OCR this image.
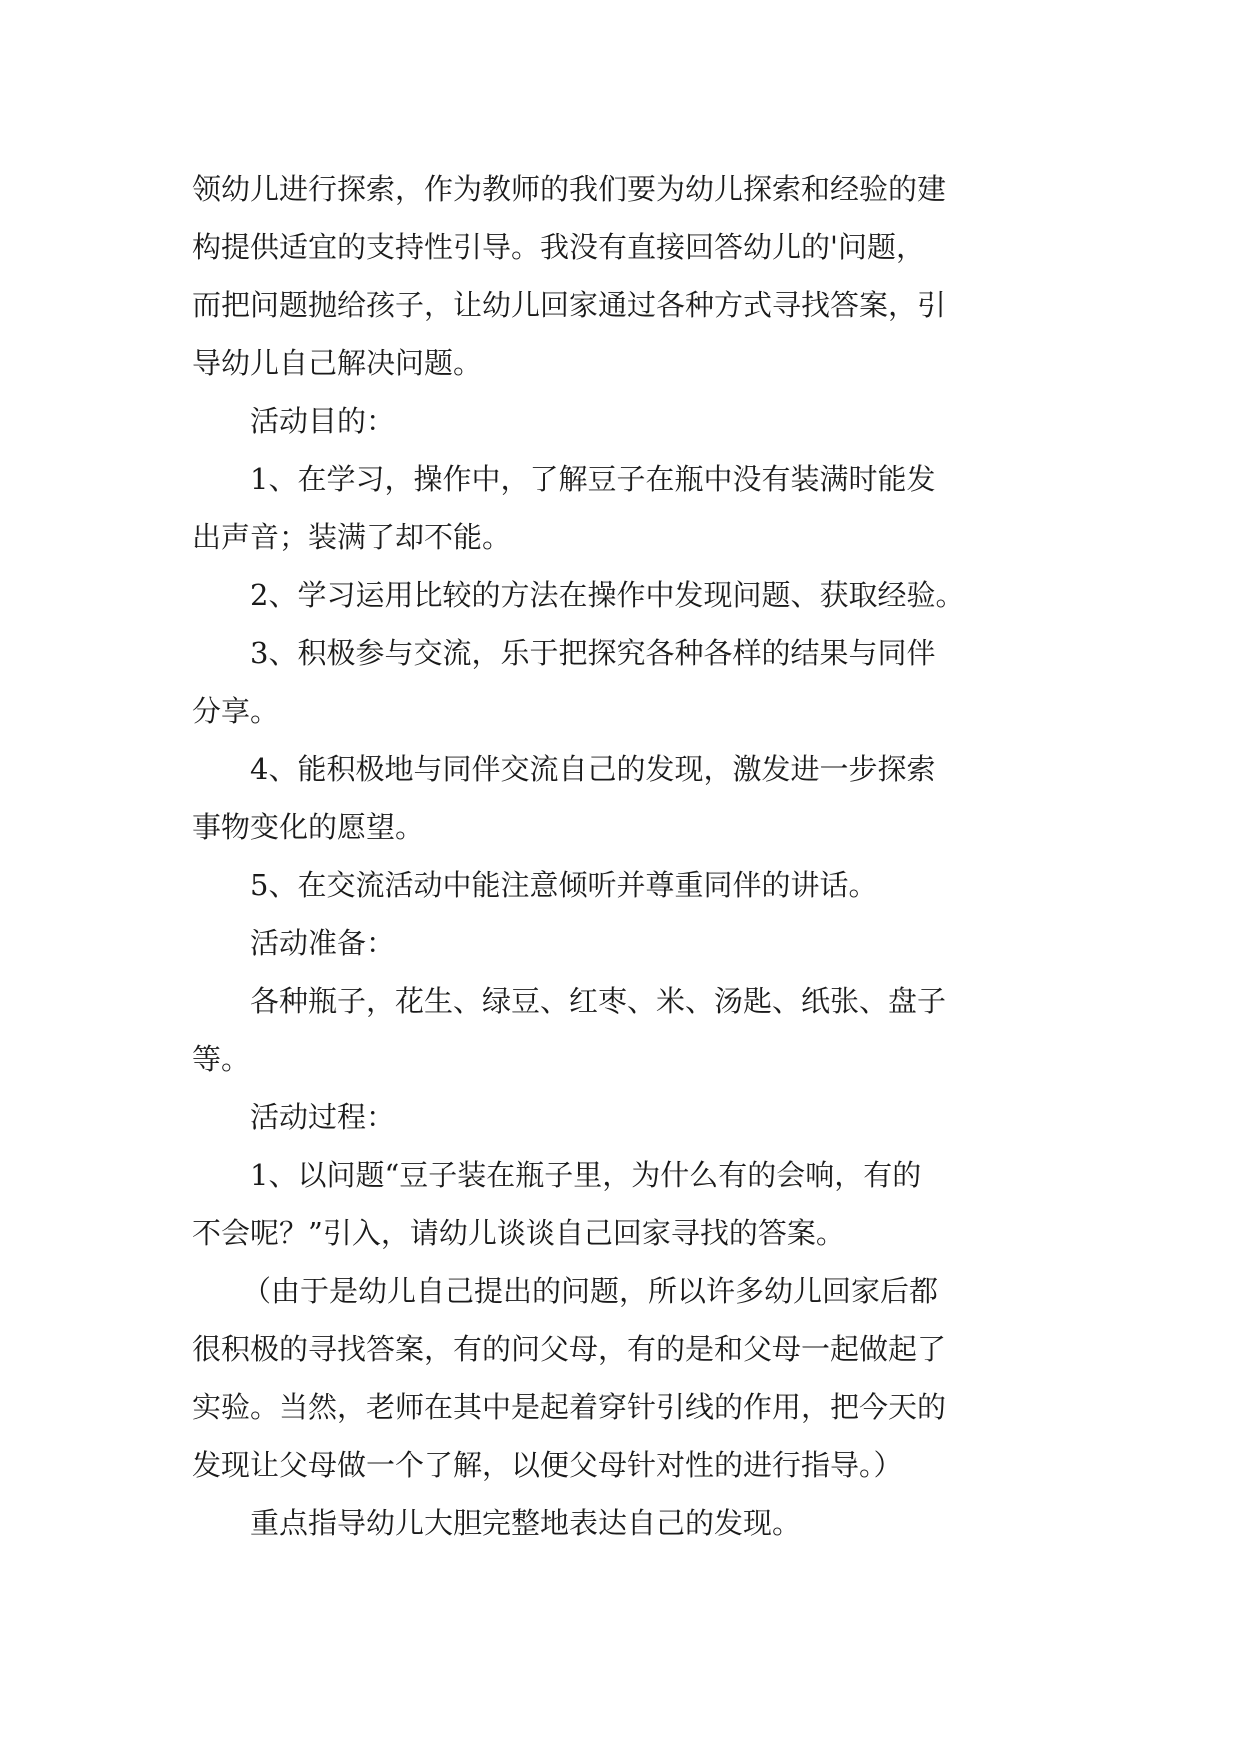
领幼儿进行探索，作为教师的我们要为幼儿探索和经验的建
构提供适宜的支持性引导。我没有直接回答幼儿的'问题，
而把问题抛给孩子，让幼儿回家通过各种方式寻找答案，引
导幼儿自己解决问题。
活动目的：
1、在学习，操作中，了解豆子在瓶中没有装满时能发
出声音；装满了却不能。
2、学习运用比较的方法在操作中发现问题、获取经验。
3、积极参与交流，乐于把探究各种各样的结果与同伴
分享。
4、能积极地与同伴交流自己的发现，激发进一步探索
事物变化的愿望。
5、在交流活动中能注意倾听并尊重同伴的讲话。
活动准备：
各种瓶子，花生、绿豆、红枣、米、汤匙、纸张、盘子
等。
活动过程：
1、以问题“豆子装在瓶子里，为什么有的会响，有的
不会呢？”引入，请幼儿谈谈自己回家寻找的答案。
（由于是幼儿自己提出的问题，所以许多幼儿回家后都
很积极的寻找答案，有的问父母，有的是和父母一起做起了
实验。当然，老师在其中是起着穿针引线的作用，把今天的
发现让父母做一个了解，以便父母针对性的进行指导。）
重点指导幼儿大胆完整地表达自己的发现。
